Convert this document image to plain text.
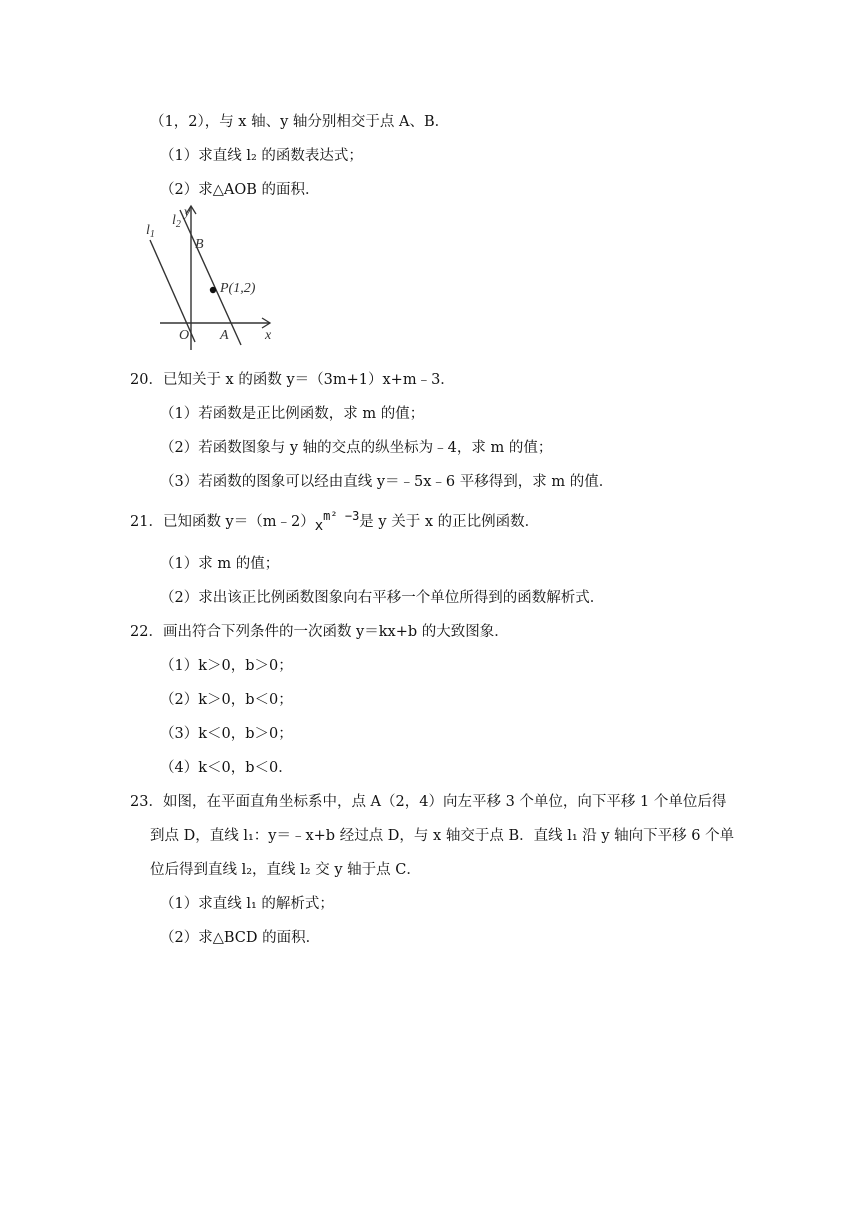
（1，2），与 x 轴、y 轴分别相交于点 A、B．
（1）求直线 l₂ 的函数表达式；
（2）求△AOB 的面积．
$l_1$
$l_2$
y
B
P(1,2)
O A	x
20．已知关于 x 的函数 y＝（3m+1）x+m﹣3．
（1）若函数是正比例函数，求 m 的值；
（2）若函数图象与 y 轴的交点的纵坐标为﹣4，求 m 的值；
（3）若函数的图象可以经由直线 y＝﹣5x﹣6 平移得到，求 m 的值．
21．已知函数 y＝（m﹣2）xm² −3是 y 关于 x 的正比例函数．
（1）求 m 的值；
（2）求出该正比例函数图象向右平移一个单位所得到的函数解析式．
22．画出符合下列条件的一次函数 y＝kx+b 的大致图象．
（1）k＞0，b＞0；
（2）k＞0，b＜0；
（3）k＜0，b＞0；
（4）k＜0，b＜0．
23．如图，在平面直角坐标系中，点 A（2，4）向左平移 3 个单位，向下平移 1 个单位后得
到点 D，直线 l₁：y＝﹣x+b 经过点 D，与 x 轴交于点 B．直线 l₁ 沿 y 轴向下平移 6 个单
位后得到直线 l₂，直线 l₂ 交 y 轴于点 C．
（1）求直线 l₁ 的解析式；
（2）求△BCD 的面积．
